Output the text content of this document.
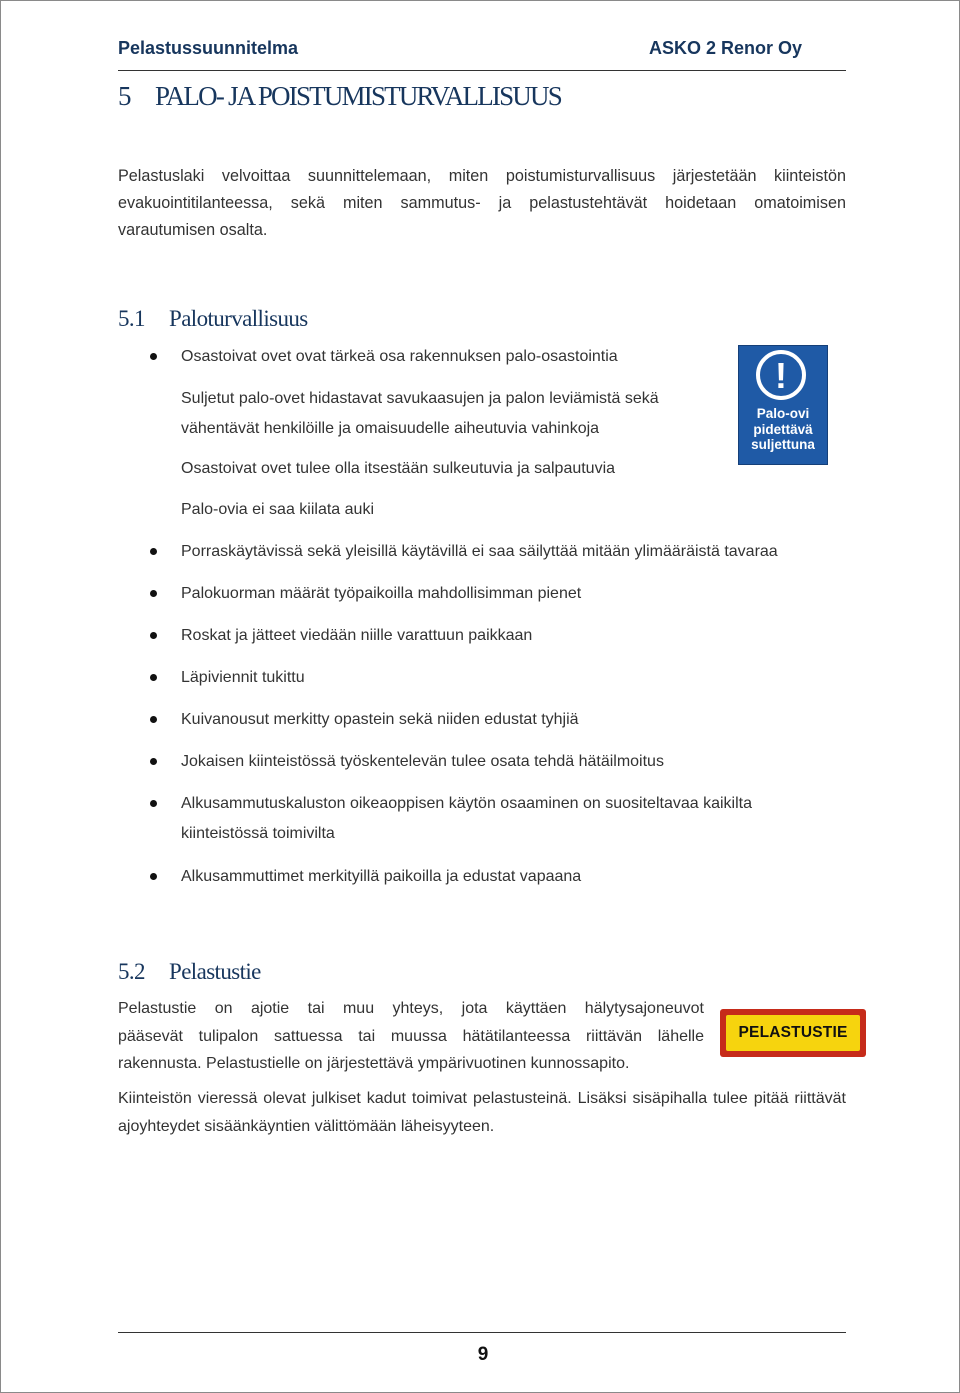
Pelastussuunnitelma	ASKO 2 Renor Oy
5 PALO- JA POISTUMISTURVALLISUUS

Pelastuslaki velvoittaa suunnittelemaan, miten poistumisturvallisuus järjestetään kiinteistön evakuointitilanteessa, sekä miten sammutus- ja pelastustehtävät hoidetaan omatoimisen varautumisen osalta.

5.1 Paloturvallisuus
Osastoivat ovet ovat tärkeä osa rakennuksen palo-osastointia
Suljetut palo-ovet hidastavat savukaasujen ja palon leviämistä sekä
vähentävät henkilöille ja omaisuudelle aiheutuvia vahinkoja
Osastoivat ovet tulee olla itsestään sulkeutuvia ja salpautuvia
Palo-ovia ei saa kiilata auki
Porraskäytävissä sekä yleisillä käytävillä ei saa säilyttää mitään ylimääräistä tavaraa
Palokuorman määrät työpaikoilla mahdollisimman pienet
Roskat ja jätteet viedään niille varattuun paikkaan
Läpiviennit tukittu
Kuivanousut merkitty opastein sekä niiden edustat tyhjiä
Jokaisen kiinteistössä työskentelevän tulee osata tehdä hätäilmoitus
Alkusammutuskaluston oikeaoppisen käytön osaaminen on suositeltavaa kaikilta
kiinteistössä toimivilta
Alkusammuttimet merkityillä paikoilla ja edustat vapaana
!
Palo-ovi
pidettävä
suljettuna
5.2 Pelastustie
Pelastustie on ajotie tai muu yhteys, jota käyttäen hälytysajoneuvot
pääsevät tulipalon sattuessa tai muussa hätätilanteessa riittävän lähelle
rakennusta. Pelastustielle on järjestettävä ympärivuotinen kunnossapito.
PELASTUSTIE

Kiinteistön vieressä olevat julkiset kadut toimivat pelastusteinä. Lisäksi sisäpihalla tulee pitää riittävät ajoyhteydet sisäänkäyntien välittömään läheisyyteen.

9
